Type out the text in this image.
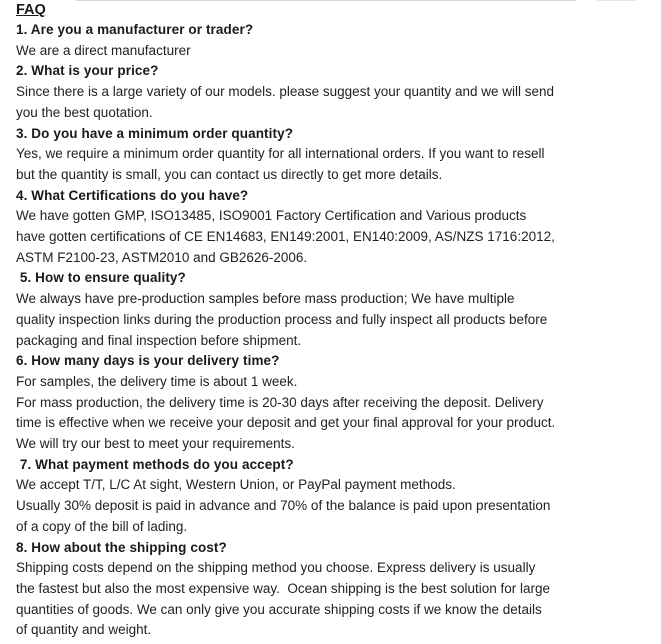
FAQ
1. Are you a manufacturer or trader?
We are a direct manufacturer
2. What is your price?
Since there is a large variety of our models. please suggest your quantity and we will send
you the best quotation.
3. Do you have a minimum order quantity?
Yes, we require a minimum order quantity for all international orders. If you want to resell
but the quantity is small, you can contact us directly to get more details.
4. What Certifications do you have?
We have gotten GMP, ISO13485, ISO9001 Factory Certification and Various products
have gotten certifications of CE EN14683, EN149:2001, EN140:2009, AS/NZS 1716:2012,
ASTM F2100-23, ASTM2010 and GB2626-2006.
5. How to ensure quality?
We always have pre-production samples before mass production; We have multiple
quality inspection links during the production process and fully inspect all products before
packaging and final inspection before shipment.
6. How many days is your delivery time?
For samples, the delivery time is about 1 week.
For mass production, the delivery time is 20-30 days after receiving the deposit. Delivery
time is effective when we receive your deposit and get your final approval for your product.
We will try our best to meet your requirements.
7. What payment methods do you accept?
We accept T/T, L/C At sight, Western Union, or PayPal payment methods.
Usually 30% deposit is paid in advance and 70% of the balance is paid upon presentation
of a copy of the bill of lading.
8. How about the shipping cost?
Shipping costs depend on the shipping method you choose. Express delivery is usually
the fastest but also the most expensive way.  Ocean shipping is the best solution for large
quantities of goods. We can only give you accurate shipping costs if we know the details
of quantity and weight.
